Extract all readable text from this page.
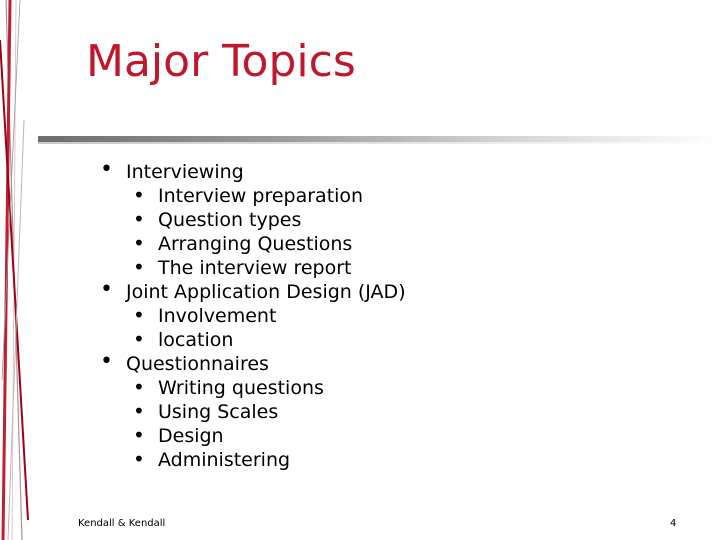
Major Topics
• Interviewing
• Interview preparation
• Question types
• Arranging Questions
• The interview report
• Joint Application Design (JAD)
• Involvement
• location
• Questionnaires
• Writing questions
• Using Scales
• Design
• Administering
Kendall & Kendall	4
